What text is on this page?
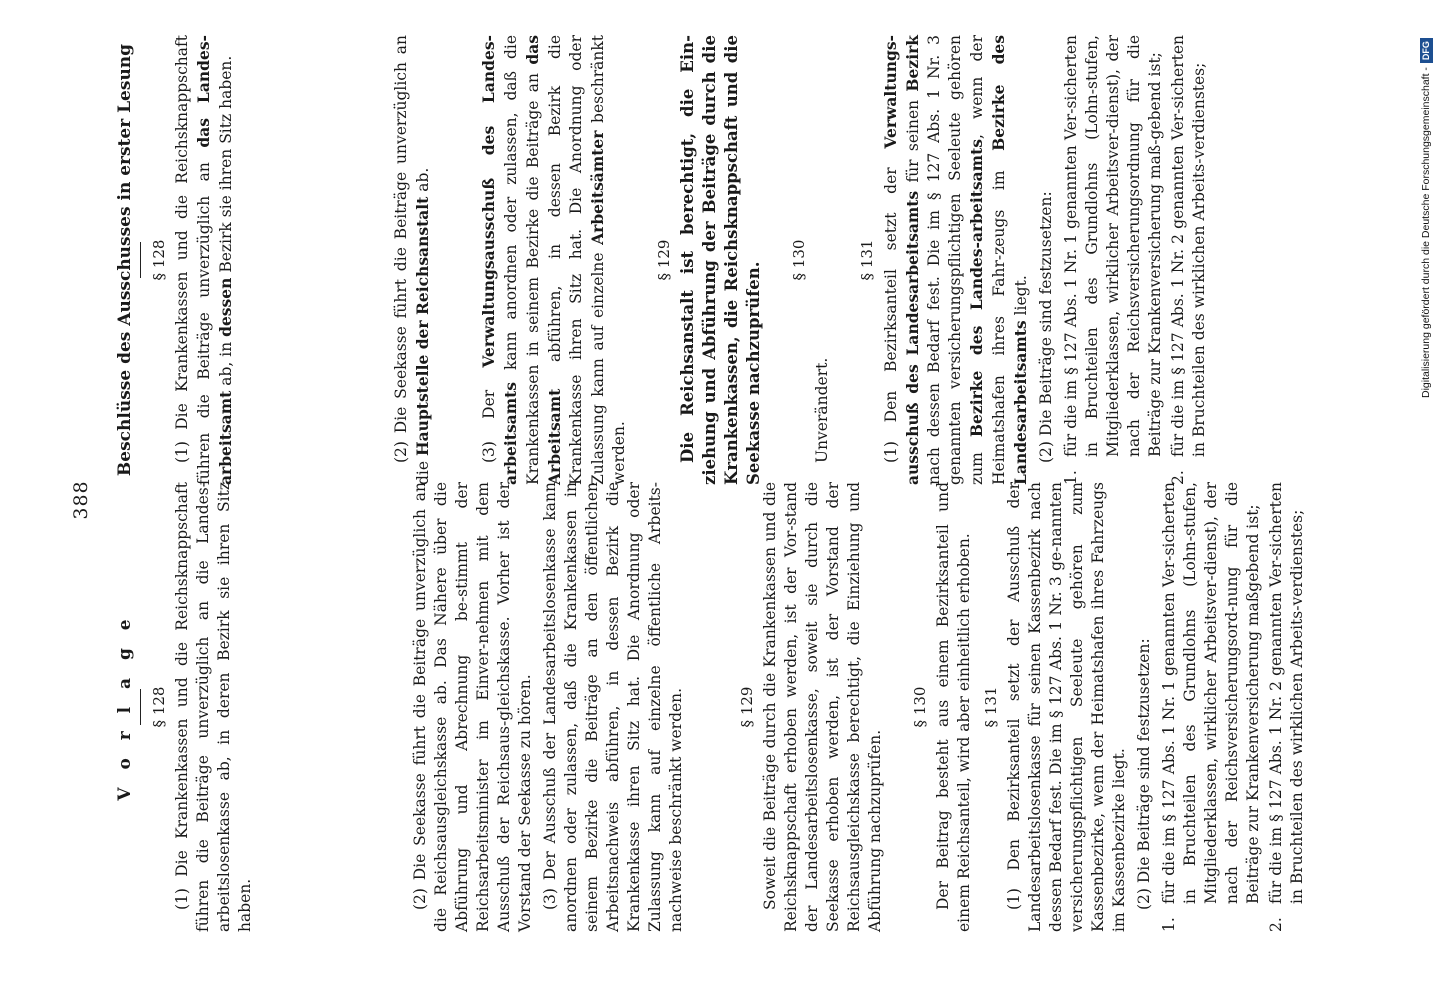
388
V o r l a g e § 128 (1) Die Krankenkassen und die Reichsknappschaft führen die Beiträge unverzüglich an die Landes-arbeitslosenkasse ab, in deren Bezirk sie ihren Sitz haben.	(2) Die Seekasse führt die Beiträge unverzüglich an die Reichsausgleichskasse ab. Das Nähere über die Abführung und Abrechnung be-stimmt der Reichsarbeitsminister im Einver-nehmen mit dem Ausschuß der Reichsaus-gleichskasse. Vorher ist der Vorstand der Seekasse zu hören. (3) Der Ausschuß der Landesarbeitslosenkasse kann anordnen oder zulassen, daß die Krankenkassen in seinem Bezirke die Beiträge an den öffentlichen Arbeitsnachweis abführen, in dessen Bezirk die Krankenkasse ihren Sitz hat. Die Anordnung oder Zulassung kann auf einzelne öffentliche Arbeits-nachweise beschränkt werden.	§ 129 Soweit die Beiträge durch die Krankenkassen und die Reichsknappschaft erhoben werden, ist der Vor-stand der Landesarbeitslosenkasse, soweit sie durch die Seekasse erhoben werden, ist der Vorstand der Reichsausgleichskasse berechtigt, die Einziehung und Abführung nachzuprüfen.

§ 130 Der Beitrag besteht aus einem Bezirksanteil und einem Reichsanteil, wird aber einheitlich erhoben. § 131 (1) Den Bezirksanteil setzt der Ausschuß der Landesarbeitslosenkasse für seinen Kassenbezirk nach dessen Bedarf fest. Die im § 127 Abs. 1 Nr. 3 ge-nannten versicherungspflichtigen Seeleute gehören zum Kassenbezirke, wenn der Heimatshafen ihres Fahrzeugs im Kassenbezirke liegt. (2) Die Beiträge sind festzusetzen:

1.
für die im § 127 Abs. 1 Nr. 1 genannten Ver-sicherten in Bruchteilen des Grundlohns (Lohn-stufen, Mitgliederklassen, wirklicher Arbeitsver-dienst), der nach der Reichsversicherungsord-nung für die Beiträge zur Krankenversicherung maßgebend ist;
2.
für die im § 127 Abs. 1 Nr. 2 genannten Ver-sicherten in Bruchteilen des wirklichen Arbeits-verdienstes;
Beschlüsse des Ausschusses in erster Lesung § 128 (1) Die Krankenkassen und die Reichsknappschaft führen die Beiträge unverzüglich an das Landes-arbeitsamt ab, in dessen Bezirk sie ihren Sitz haben.	(2) Die Seekasse führt die Beiträge unverzüglich an die Hauptstelle der Reichsanstalt ab.

(3) Der Verwaltungsausschuß des Landes-arbeitsamts kann anordnen oder zulassen, daß die Krankenkassen in seinem Bezirke die Beiträge an das Arbeitsamt abführen, in dessen Bezirk die Krankenkasse ihren Sitz hat. Die Anordnung oder Zulassung kann auf einzelne Arbeitsämter beschränkt werden.

§ 129 Die Reichsanstalt ist berechtigt, die Ein-ziehung und Abführung der Beiträge durch die Krankenkassen, die Reichsknappschaft und die Seekasse nachzuprüfen.

§ 130

Unverändert.

§ 131 (1) Den Bezirksanteil setzt der Verwaltungs-ausschuß des Landesarbeitsamts für seinen Bezirk nach dessen Bedarf fest. Die im § 127 Abs. 1 Nr. 3 genannten versicherungspflichtigen Seeleute gehören zum Bezirke des Landes-arbeitsamts, wenn der Heimatshafen ihres Fahr-zeugs im Bezirke des Landesarbeitsamts liegt. (2) Die Beiträge sind festzusetzen:

1.
für die im § 127 Abs. 1 Nr. 1 genannten Ver-sicherten in Bruchteilen des Grundlohns (Lohn-stufen, Mitgliederklassen, wirklicher Arbeitsver-dienst), der nach der Reichsversicherungsordnung für die Beiträge zur Krankenversicherung maß-gebend ist;
2.
für die im § 127 Abs. 1 Nr. 2 genannten Ver-sicherten in Bruchteilen des wirklichen Arbeits-verdienstes;	Digitalisierung gefördert durch die Deutsche Forschungsgemeinschaft -
DFG
